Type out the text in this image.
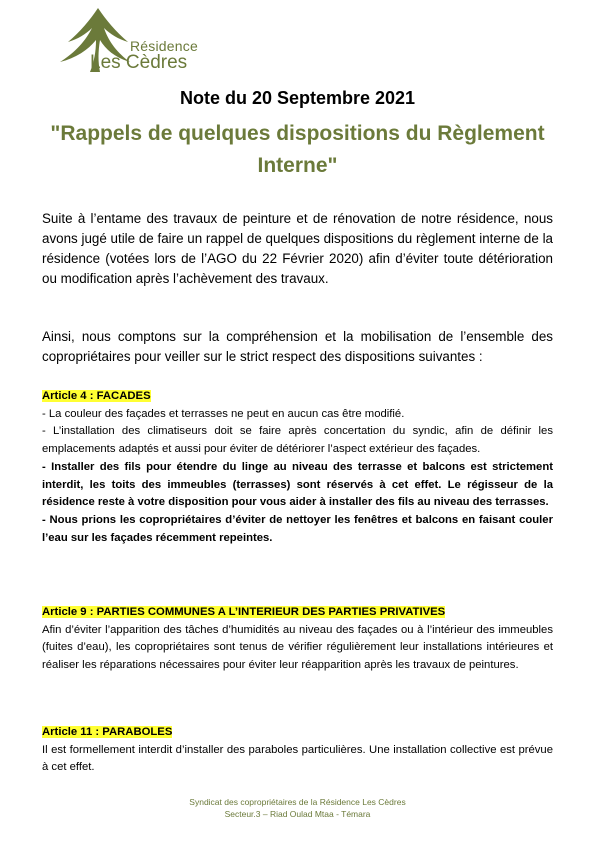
Résidence
Les Cèdres
Note du 20 Septembre 2021
"Rappels de quelques dispositions du Règlement Interne"
Suite à l’entame des travaux de peinture et de rénovation de notre résidence, nous avons jugé utile de faire un rappel de quelques dispositions du règlement interne de la résidence (votées lors de l’AGO du 22 Février 2020) afin d’éviter toute détérioration ou modification après l’achèvement des travaux.
Ainsi, nous comptons sur la compréhension et la mobilisation de l’ensemble des copropriétaires pour veiller sur le strict respect des dispositions suivantes :

Article 4 : FACADES

- La couleur des façades et terrasses ne peut en aucun cas être modifié.

- L’installation des climatiseurs doit se faire après concertation du syndic, afin de définir les emplacements adaptés et aussi pour éviter de détériorer l’aspect extérieur des façades.

- Installer des fils pour étendre du linge au niveau des terrasse et balcons est strictement interdit, les toits des immeubles (terrasses) sont réservés à cet effet. Le régisseur de la résidence reste à votre disposition pour vous aider à installer des fils au niveau des terrasses.

- Nous prions les copropriétaires d’éviter de nettoyer les fenêtres et balcons en faisant couler l’eau sur les façades récemment repeintes.

Article 9 : PARTIES COMMUNES A L’INTERIEUR DES PARTIES PRIVATIVES

Afin d’éviter l’apparition des tâches d’humidités au niveau des façades ou à l’intérieur des immeubles (fuites d’eau), les copropriétaires sont tenus de vérifier régulièrement leur installations intérieures et réaliser les réparations nécessaires pour éviter leur réapparition après les travaux de peintures.

Article 11 : PARABOLES

Il est formellement interdit d’installer des paraboles particulières. Une installation collective est prévue à cet effet.

Syndicat des copropriétaires de la Résidence Les Cèdres
Secteur.3 – Riad Oulad Mtaa - Témara
